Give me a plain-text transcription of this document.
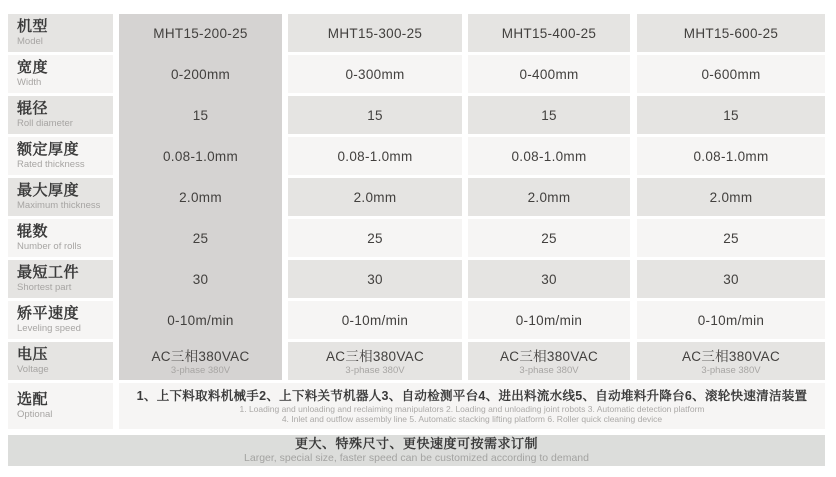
机型
Model
宽度
Width
辊径
Roll diameter
额定厚度
Rated thickness
最大厚度
Maximum thickness
辊数
Number of rolls
最短工件
Shortest part
矫平速度
Leveling speed
电压
Voltage
选配
Optional
MHT15-200-25
0-200mm
15
0.08-1.0mm
2.0mm
25
30
0-10m/min
AC三相380VAC
3-phase 380V
MHT15-300-25
0-300mm
15
0.08-1.0mm
2.0mm
25
30
0-10m/min
AC三相380VAC
3-phase 380V
MHT15-400-25
0-400mm
15
0.08-1.0mm
2.0mm
25
30
0-10m/min
AC三相380VAC
3-phase 380V
MHT15-600-25
0-600mm
15
0.08-1.0mm
2.0mm
25
30
0-10m/min
AC三相380VAC
3-phase 380V
1、上下料取料机械手2、上下料关节机器人3、自动检测平台4、进出料流水线5、自动堆料升降台6、滚轮快速清洁装置
1. Loading and unloading and reclaiming manipulators 2. Loading and unloading joint robots 3. Automatic detection platform
4. Inlet and outflow assembly line 5. Automatic stacking lifting platform 6. Roller quick cleaning device
更大、特殊尺寸、更快速度可按需求订制
Larger, special size, faster speed can be customized according to demand
